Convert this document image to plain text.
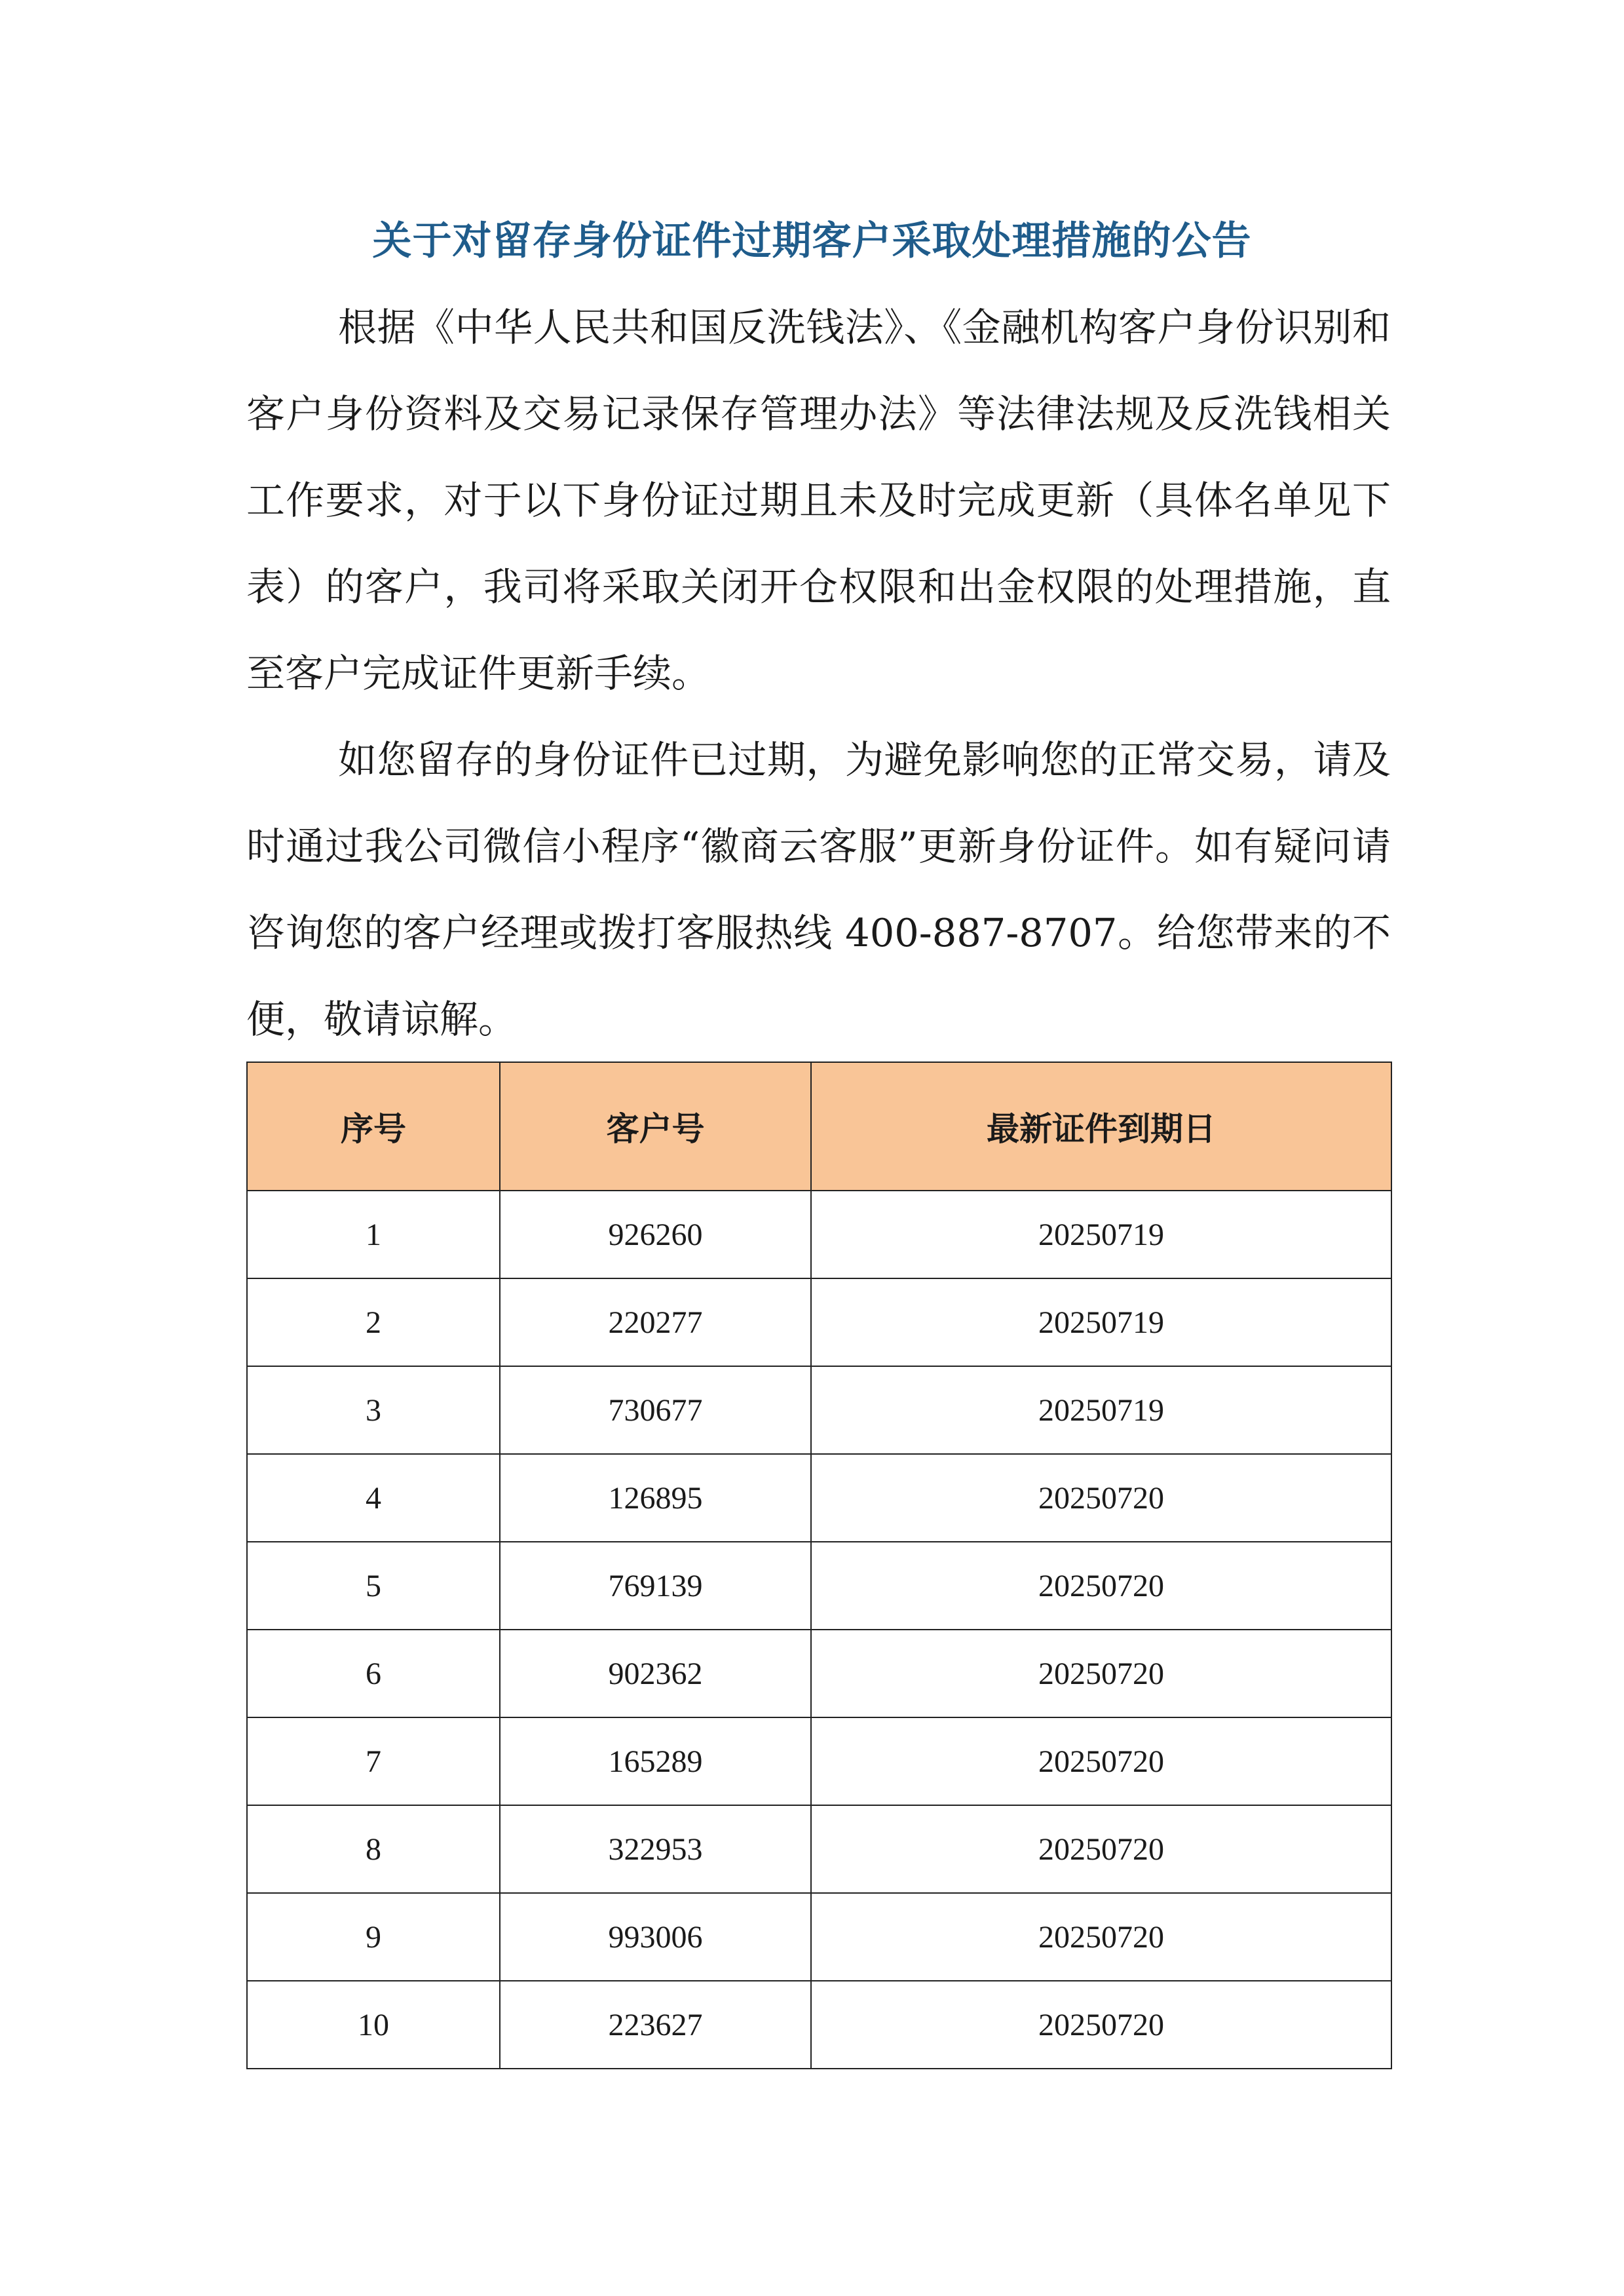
关于对留存身份证件过期客户采取处理措施的公告

根据《中华人民共和国反洗钱法》、《金融机构客户身份识别和客户身份资料及交易记录保存管理办法》等法律法规及反洗钱相关工作要求，对于以下身份证过期且未及时完成更新（具体名单见下表）的客户，我司将采取关闭开仓权限和出金权限的处理措施，直至客户完成证件更新手续。

如您留存的身份证件已过期，为避免影响您的正常交易，请及时通过我公司微信小程序“徽商云客服”更新身份证件。如有疑问请咨询您的客户经理或拨打客服热线 400-887-8707。给您带来的不便，敬请谅解。

序号	客户号	最新证件到期日
1	926260	20250719
2	220277	20250719
3	730677	20250719
4	126895	20250720
5	769139	20250720
6	902362	20250720
7	165289	20250720
8	322953	20250720
9	993006	20250720
10	223627	20250720
